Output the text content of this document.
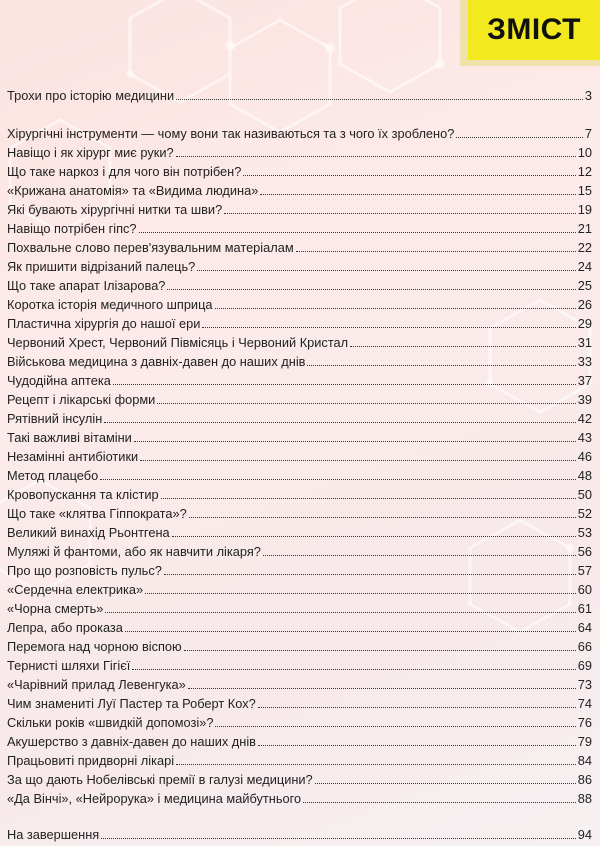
ЗМІСТ
Трохи про історію медицини	3
Хірургічні інструменти — чому вони так називаються та з чого їх зроблено?	7
Навіщо і як хірург миє руки?	10
Що таке наркоз і для чого він потрібен?	12
«Крижана анатомія» та «Видима людина»	15
Які бувають хірургічні нитки та шви?	19
Навіщо потрібен гіпс?	21
Похвальне слово перев'язувальним матеріалам	22
Як пришити відрізаний палець?	24
Що таке апарат Ілізарова?	25
Коротка історія медичного шприца	26
Пластична хірургія до нашої ери	29
Червоний Хрест, Червоний Півмісяць і Червоний Кристал	31
Військова медицина з давніх-давен до наших днів	33
Чудодійна аптека	37
Рецепт і лікарські форми	39
Рятівний інсулін	42
Такі важливі вітаміни	43
Незамінні антибіотики	46
Метод плацебо	48
Кровопускання та клістир	50
Що таке «клятва Гіппократа»?	52
Великий винахід Рьонтгена	53
Муляжі й фантоми, або як навчити лікаря?	56
Про що розповість пульс?	57
«Сердечна електрика»	60
«Чорна смерть»	61
Лепра, або проказа	64
Перемога над чорною віспою	66
Тернисті шляхи Гігієї	69
«Чарівний прилад Левенгука»	73
Чим знамениті Луї Пастер та Роберт Кох?	74
Скільки років «швидкій допомозі»?	76
Акушерство з давніх-давен до наших днів	79
Працьовиті придворні лікарі	84
За що дають Нобелівські премії в галузі медицини?	86
«Да Вінчі», «Нейрорука» і медицина майбутнього	88
На завершення	94
